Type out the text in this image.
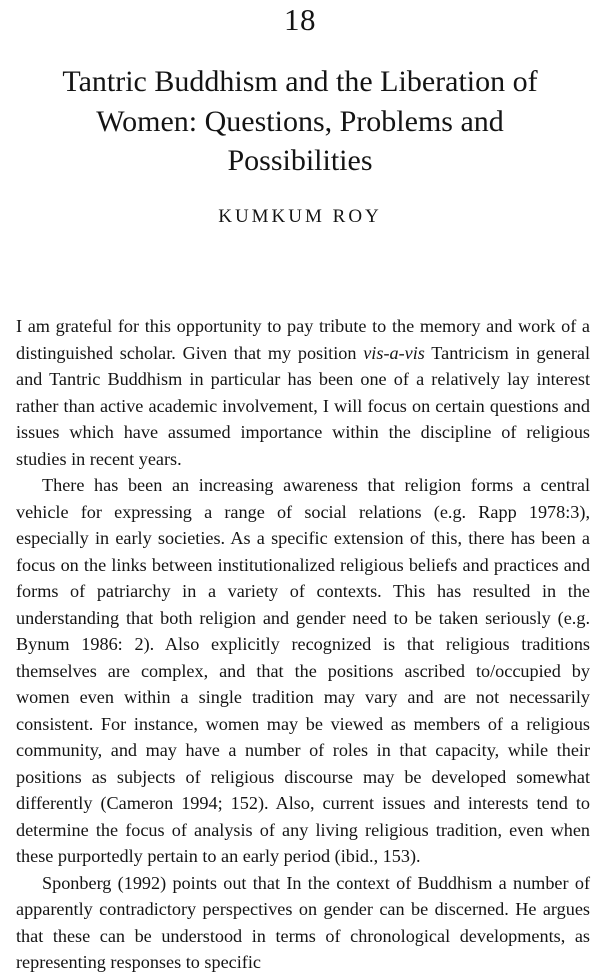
18
Tantric Buddhism and the Liberation of Women: Questions, Problems and Possibilities
KUMKUM ROY

I am grateful for this opportunity to pay tribute to the memory and work of a distinguished scholar. Given that my position vis-a-vis Tantricism in general and Tantric Buddhism in particular has been one of a relatively lay interest rather than active academic involvement, I will focus on certain questions and issues which have assumed importance within the discipline of religious studies in recent years.

There has been an increasing awareness that religion forms a central vehicle for expressing a range of social relations (e.g. Rapp 1978:3), especially in early societies. As a specific extension of this, there has been a focus on the links between institutionalized religious beliefs and practices and forms of patriarchy in a variety of contexts. This has resulted in the understanding that both religion and gender need to be taken seriously (e.g. Bynum 1986: 2). Also explicitly recognized is that religious traditions themselves are complex, and that the positions ascribed to/occupied by women even within a single tradition may vary and are not necessarily consistent. For instance, women may be viewed as members of a religious community, and may have a number of roles in that capacity, while their positions as subjects of religious discourse may be developed somewhat differently (Cameron 1994; 152). Also, current issues and interests tend to determine the focus of analysis of any living religious tradition, even when these purportedly pertain to an early period (ibid., 153).

Sponberg (1992) points out that In the context of Buddhism a number of apparently contradictory perspectives on gender can be discerned. He argues that these can be understood in terms of chronological developments, as representing responses to specific
